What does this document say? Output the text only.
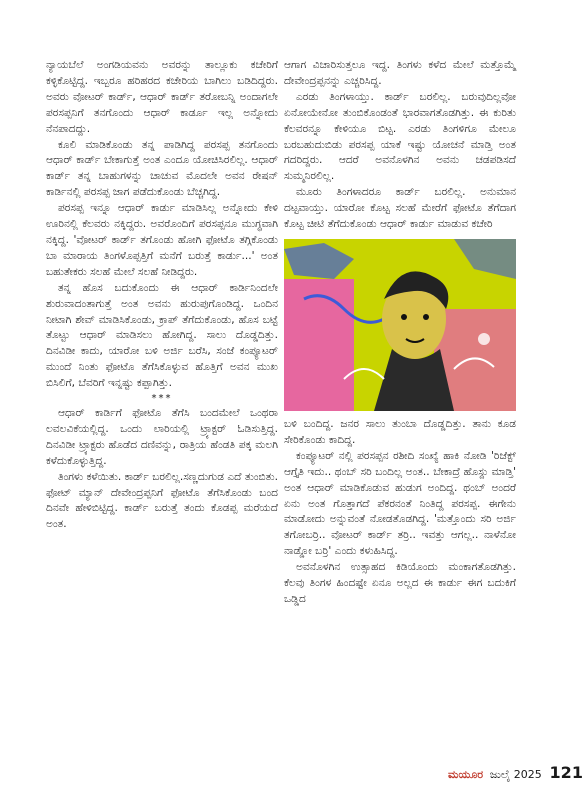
ನ್ಯಾಯಬೆಲೆ ಅಂಗಡಿಯವನು ಅವರನ್ನು ತಾಲ್ಲೂಕು ಕಚೇರಿಗೆ ಕಳ್ಳಿಕೊಟ್ಟಿದ್ದ. ಇಬ್ಬರೂ ಹರಿಹರದ ಕಚೇರಿಯ ಬಾಗಿಲು ಬಡಿದಿದ್ದರು. ಅವರು ವೋಟರ್ ಕಾರ್ಡ್, ಆಧಾರ್ ಕಾರ್ಡ್ ತರೋಬನ್ನಿ ಅಂದಾಗಲೇ ಪರಸಪ್ಪನಿಗೆ ತನಗೊಂದು ಆಧಾರ್ ಕಾರ್ಡೂ ಇಲ್ಲ ಅನ್ನೋದು ನೆನಪಾದದ್ದು.

ಕೂಲಿ ಮಾಡಿಕೊಂಡು ತನ್ನ ಪಾಡಿಗಿದ್ದ ಪರಸಪ್ಪ ತನಗೊಂದು ಆಧಾರ್ ಕಾರ್ಡ್ ಬೇಕಾಗುತ್ತೆ ಅಂತ ಎಂದೂ ಯೋಚಿಸಿರಲಿಲ್ಲ. ಆಧಾರ್ ಕಾರ್ಡ್ ತನ್ನ ಬಾಹುಗಳನ್ನು ಚಾಚುವ ಮೊದಲೇ ಅವನ ರೇಷನ್ ಕಾರ್ಡಿನಲ್ಲಿ ಪರಸಪ್ಪ ಜಾಗ ಪಡೆದುಕೊಂಡು ಬೆಚ್ಚಗಿದ್ದ.

ಪರಸಪ್ಪ ಇನ್ನೂ ಆಧಾರ್ ಕಾರ್ಡು ಮಾಡಿಸಿಲ್ಲ ಅನ್ನೋದು ಕೇಳಿ ಊರಿನಲ್ಲಿ ಕೆಲವರು ನಕ್ಕಿದ್ದರು. ಅವರೊಂದಿಗೆ ಪರಸಪ್ಪನೂ ಮುಗ್ಧವಾಗಿ ನಕ್ಕಿದ್ದ. 'ವೋಟರ್ ಕಾರ್ಡ್ ತಗೊಂಡು ಹೋಗಿ ಫೋಟೊ ತಗ್ಗಿಕೊಂಡು ಬಾ ಮಾರಾಯ ತಿಂಗಳೊಪ್ಪತ್ತಿಗೆ ಮನೆಗೆ ಬರುತ್ತೆ ಕಾರ್ಡು...' ಅಂತ ಬಹುತೇಕರು ಸಲಹೆ ಮೇಲೆ ಸಲಹೆ ನೀಡಿದ್ದರು.

ತನ್ನ ಹೊಸ ಬದುಕೊಂದು ಈ ಆಧಾರ್ ಕಾರ್ಡಿನಿಂದಲೇ ಶುರುವಾದಂತಾಗುತ್ತೆ ಅಂತ ಅವನು ಹುರುಪುಗೊಂಡಿದ್ದ. ಒಂದಿನ ನೀಟಾಗಿ ಶೇವ್ ಮಾಡಿಸಿಕೊಂಡು, ಕ್ರಾಪ್ ತೆಗೆದುಕೊಂಡು, ಹೊಸ ಬಟ್ಟೆ ತೊಟ್ಟು ಆಧಾರ್ ಮಾಡಿಸಲು ಹೋಗಿದ್ದ. ಸಾಲು ದೊಡ್ಡದಿತ್ತು. ದಿನವಿಡೀ ಕಾದು, ಯಾರೋ ಬಳಿ ಅರ್ಜಿ ಬರೆಸಿ, ಸಂಜೆ ಕಂಪ್ಯೂಟರ್ ಮುಂದೆ ನಿಂತು ಫೋಟೊ ತೆಗೆಸಿಕೊಳ್ಳುವ ಹೊತ್ತಿಗೆ ಅವನ ಮುಖ ಬಿಸಿಲಿಗೆ, ಬೆವರಿಗೆ ಇನ್ನಷ್ಟು ಕಪ್ಪಾಗಿತ್ತು.

***

ಆಧಾರ್ ಕಾರ್ಡಿಗೆ ಫೋಟೊ ತೆಗೆಸಿ ಬಂದಮೇಲೆ ಒಂಥರಾ ಲವಲವಿಕೆಯಲ್ಲಿದ್ದ. ಒಂದು ಲಾರಿಯಲ್ಲಿ ಟ್ರ್ಯಾಕ್ಟರ್ ಓಡಿಸುತ್ತಿದ್ದ. ದಿನವಿಡೀ ಟ್ರ್ಯಾಕ್ಟರು ಹೊಡೆದ ದಣಿವನ್ನು, ರಾತ್ರಿಯ ಹೆಂಡತಿ ಪಕ್ಕ ಮಲಗಿ ಕಳೆದುಕೊಳ್ಳುತ್ತಿದ್ದ.

ತಿಂಗಳು ಕಳೆಯಿತು. ಕಾರ್ಡ್ ಬರಲಿಲ್ಲ.ಸಣ್ಣದುಗುಡ ಎದೆ ತುಂಬಿತು. ಫೋಟ್ ಮ್ಯಾನ್ ದೇವೇಂದ್ರಪ್ಪನಿಗೆ ಫೋಟೊ ತೆಗೆಸಿಕೊಂಡು ಬಂದ ದಿನವೇ ಹೇಳಿಬಿಟ್ಟಿದ್ದ. ಕಾರ್ಡ್ ಬರುತ್ತೆ ತಂದು ಕೊಡಪ್ಪ ಮರೆಯದೆ ಅಂತ.

ಆಗಾಗ ವಿಚಾರಿಸುತ್ತಲೂ ಇದ್ದ. ತಿಂಗಳು ಕಳೆದ ಮೇಲೆ ಮತ್ತೊಮ್ಮೆ ದೇವೇಂದ್ರಪ್ಪನನ್ನು ಎಚ್ಚರಿಸಿದ್ದ.

ಎರಡು ತಿಂಗಳಾಯ್ತು. ಕಾರ್ಡ್ ಬರಲಿಲ್ಲ. ಬರುವುದಿಲ್ಲವೋ ಏನೋಯೇನೋ ತುಂಬಿಕೊಂಡಂತೆ ಭಾರವಾಗತೊಡಗಿತ್ತು. ಈ ಕುರಿತು ಕೆಲವರನ್ನೂ ಕೇಳಿಯೂ ಬಿಟ್ಟ. ಎರಡು ತಿಂಗಳಿಗೂ ಮೇಲೂ ಬರಬಹುದುಬಿಡು ಪರಸಪ್ಪ ಯಾಕೆ ಇಷ್ಟು ಯೋಚನೆ ಮಾಡ್ತಿ ಅಂತ ಗದರಿದ್ದರು. ಆದರೆ ಅವನೊಳಗಿನ ಅವನು ಚಡಪಡಿಸದೆ ಸುಮ್ಮನಿರಲಿಲ್ಲ.

ಮೂರು ತಿಂಗಳಾದರೂ ಕಾರ್ಡ್ ಬರಲಿಲ್ಲ. ಅನುಮಾನ ದಟ್ಟವಾಯ್ತು. ಯಾರೋ ಕೊಟ್ಟ ಸಲಹೆ ಮೇರೆಗೆ ಫೋಟೊ ತೆಗೆದಾಗ ಕೊಟ್ಟ ಚೀಟಿ ತೆಗೆದುಕೊಂಡು ಆಧಾರ್ ಕಾರ್ಡು ಮಾಡುವ ಕಚೇರಿ

ಬಳಿ ಬಂದಿದ್ದ. ಜನರ ಸಾಲು ತುಂಬಾ ದೊಡ್ಡದಿತ್ತು. ತಾನು ಕೂಡ ಸೇರಿಕೊಂಡು ಕಾದಿದ್ದ.

ಕಂಪ್ಯೂಟರ್ ನಲ್ಲಿ ಪರಸಪ್ಪನ ರಶೀದಿ ಸಂಖ್ಯೆ ಹಾಕಿ ನೋಡಿ 'ರಿಜೆಕ್ಟ್ ಆಗ್ತೈತಿ ಇದು.. ಥಂಬ್ ಸರಿ ಬಂದಿಲ್ಲ ಅಂತ.. ಬೇಕಾದ್ರೆ ಹೊಸ್ದು ಮಾಡ್ತಿ' ಅಂತ ಆಧಾರ್ ಮಾಡಿಕೊಡುವ ಹುಡುಗ ಅಂದಿದ್ದ. ಥಂಬ್ ಅಂದರೆ ಏನು ಅಂತ ಗೊತ್ತಾಗದೆ ಪೆಕರನಂತೆ ನಿಂತಿದ್ದ ಪರಸಪ್ಪ. ಈಗೇನು ಮಾಡೋದು ಅನ್ನುವಂತೆ ನೋಡತೊಡಗಿದ್ದ. 'ಮತ್ತೊಂದು ಸರಿ ಅರ್ಜಿ ತಗೋಬರ್ರಿ.. ವೋಟರ್ ಕಾರ್ಡ್ ತರ್ರಿ.. ಇವತ್ತು ಆಗಲ್ಲ.. ನಾಳೆನೋ ನಾಡ್ಡೋ ಬರ್ರಿ' ಎಂದು ಕಳುಹಿಸಿದ್ದ.

ಅವನೊಳಗಿನ ಉತ್ಸಾಹದ ಕಿಡಿಯೊಂದು ಮಂಕಾಗತೊಡಗಿತ್ತು. ಕೆಲವು ತಿಂಗಳ ಹಿಂದಷ್ಟೇ ಏನೂ ಅಲ್ಲದ ಈ ಕಾರ್ಡು ಈಗ ಬದುಕಿಗೆ ಒಡ್ಡಿದ

ಮಯೂರ ಜುಲೈ 2025 121
